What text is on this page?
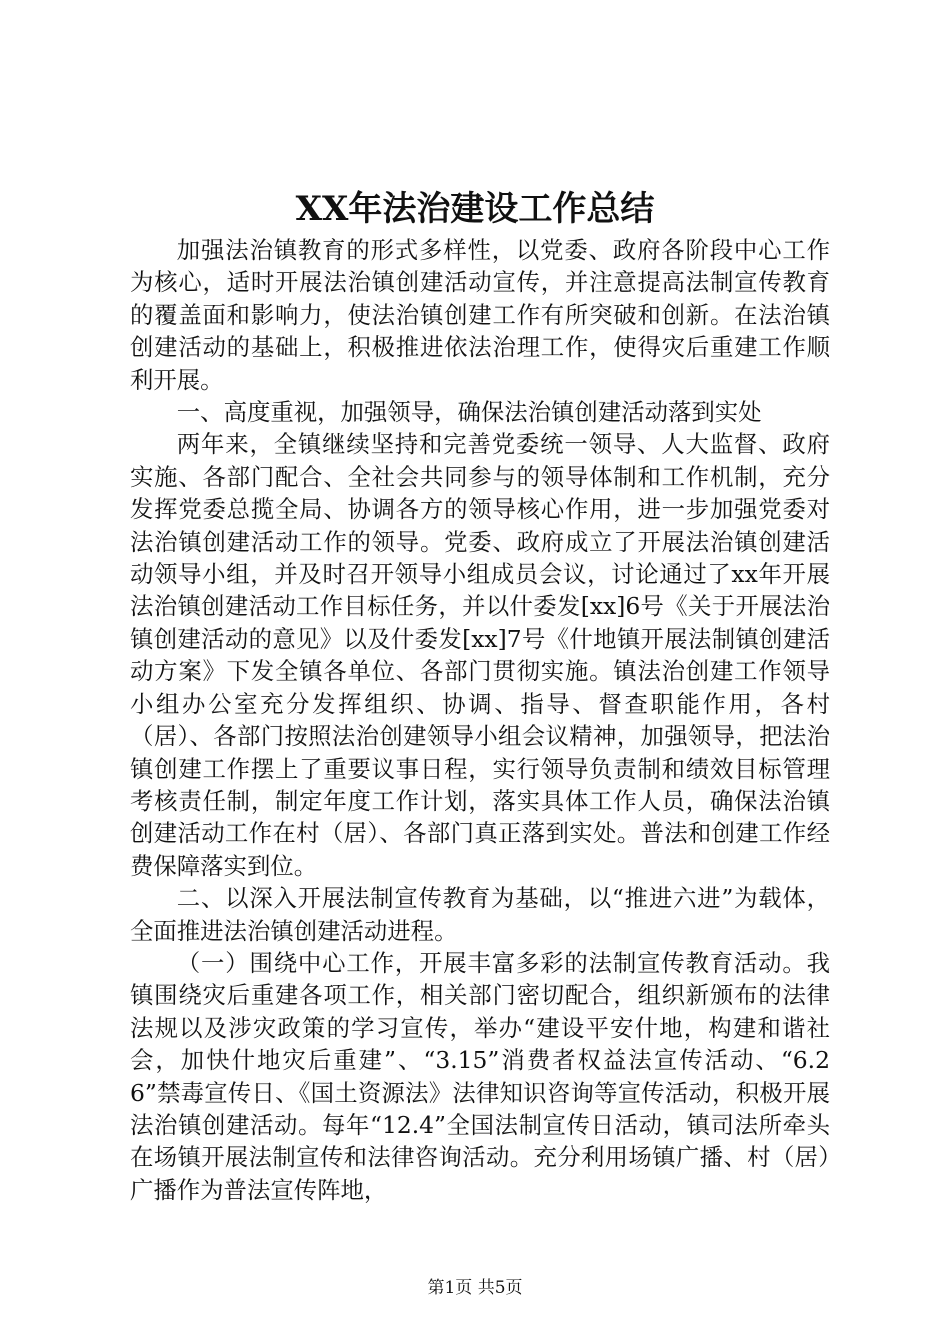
XX年法治建设工作总结

加强法治镇教育的形式多样性，以党委、政府各阶段中心工作为核心，适时开展法治镇创建活动宣传，并注意提高法制宣传教育的覆盖面和影响力，使法治镇创建工作有所突破和创新。在法治镇创建活动的基础上，积极推进依法治理工作，使得灾后重建工作顺利开展。

一、高度重视，加强领导，确保法治镇创建活动落到实处

两年来，全镇继续坚持和完善党委统一领导、人大监督、政府实施、各部门配合、全社会共同参与的领导体制和工作机制，充分发挥党委总揽全局、协调各方的领导核心作用，进一步加强党委对法治镇创建活动工作的领导。党委、政府成立了开展法治镇创建活动领导小组，并及时召开领导小组成员会议，讨论通过了xx年开展法治镇创建活动工作目标任务，并以什委发[xx]6号《关于开展法治镇创建活动的意见》以及什委发[xx]7号《什地镇开展法制镇创建活动方案》下发全镇各单位、各部门贯彻实施。镇法治创建工作领导小组办公室充分发挥组织、协调、指导、督查职能作用，各村（居）、各部门按照法治创建领导小组会议精神，加强领导，把法治镇创建工作摆上了重要议事日程，实行领导负责制和绩效目标管理考核责任制，制定年度工作计划，落实具体工作人员，确保法治镇创建活动工作在村（居）、各部门真正落到实处。普法和创建工作经费保障落实到位。

二、以深入开展法制宣传教育为基础，以“推进六进”为载体，全面推进法治镇创建活动进程。

（一）围绕中心工作，开展丰富多彩的法制宣传教育活动。我镇围绕灾后重建各项工作，相关部门密切配合，组织新颁布的法律法规以及涉灾政策的学习宣传，举办“建设平安什地，构建和谐社会，加快什地灾后重建”、“3.15”消费者权益法宣传活动、“6.26”禁毒宣传日、《国土资源法》法律知识咨询等宣传活动，积极开展法治镇创建活动。每年“12.4”全国法制宣传日活动，镇司法所牵头在场镇开展法制宣传和法律咨询活动。充分利用场镇广播、村（居）广播作为普法宣传阵地，

第1页 共5页
